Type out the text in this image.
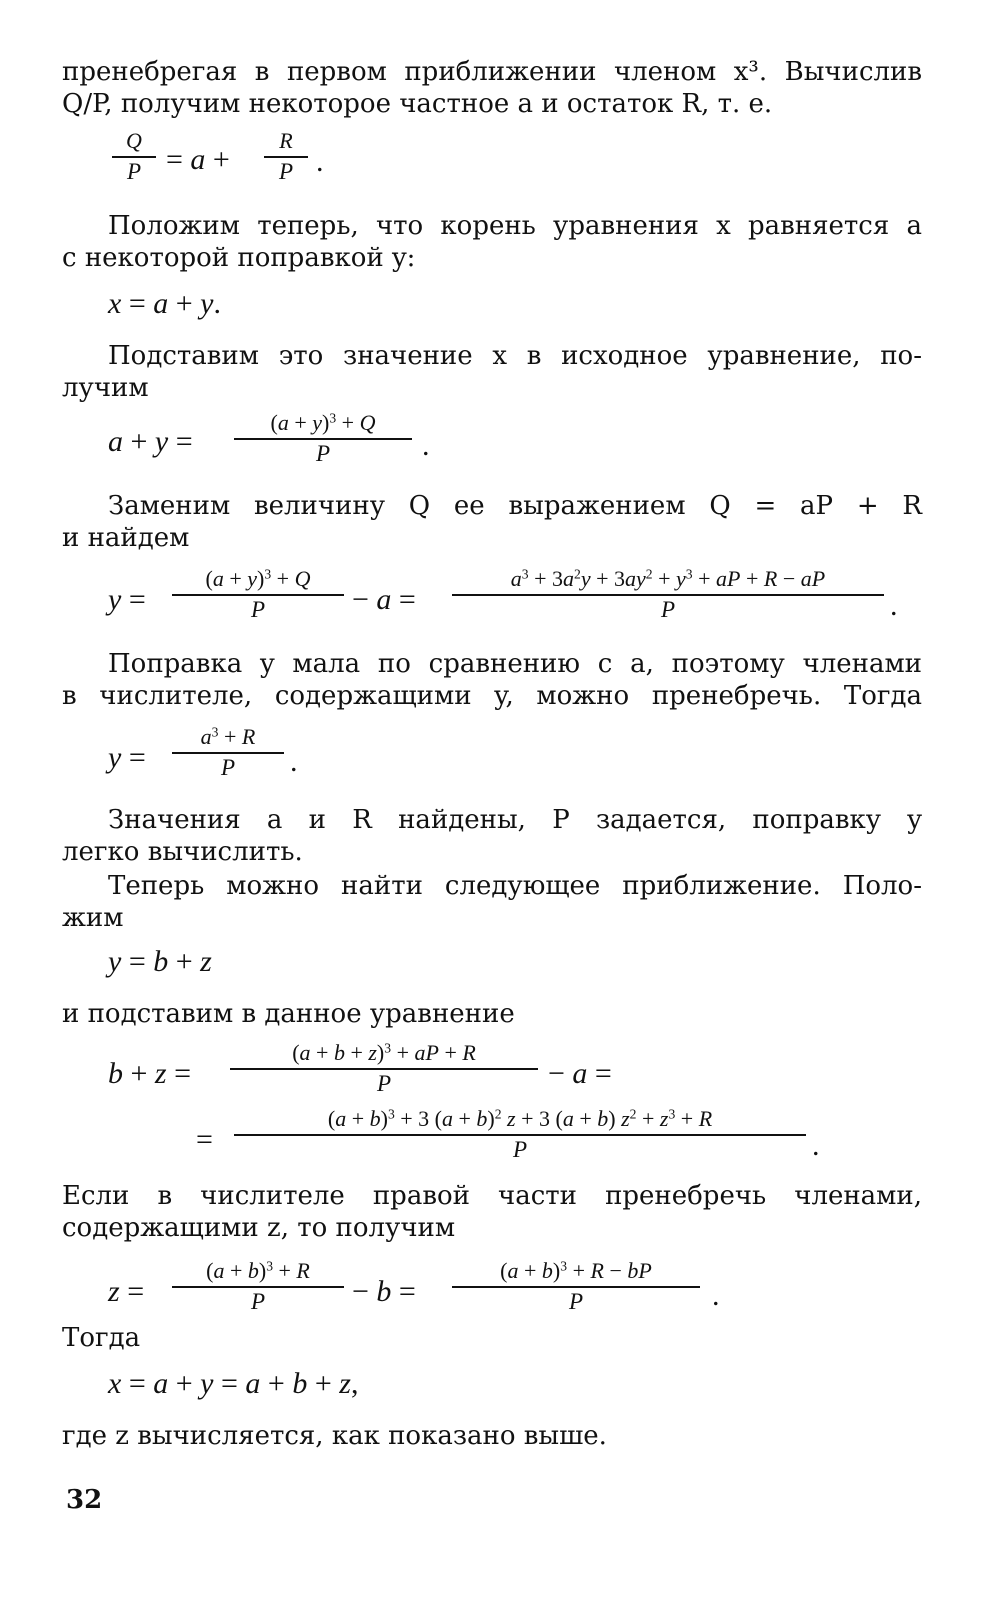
пренебрегая в первом приближении членом x³. Вычислив
Q/P, получим некоторое частное a и остаток R, т. е.
Q
P = a +
R
P .
Положим теперь, что корень уравнения x равняется a
с некоторой поправкой y:
x = a + y.
Подставим это значение x в исходное уравнение, по-
лучим
a + y =
$(a + y)^3 + Q$
P	.
Заменим величину Q ее выражением Q = aP + R
и найдем
y =
$(a + y)^3 + Q$
P	− a =
$a^3 + 3a^2y + 3ay^2 + y^3$ + aP + R − aP
P	.
Поправка y мала по сравнению с a, поэтому членами
в числителе, содержащими y, можно пренебречь. Тогда
y =
$a^3 + R$
P	.
Значения a и R найдены, P задается, поправку y
легко вычислить.
Теперь можно найти следующее приближение. Поло-
жим
y = b + z
и подставим в данное уравнение
b + z =
$(a + b + z)^3$ + aP + R
P	− a =
=
$(a + b)^3 + 3$ $(a + b)^2$ z + 3 (a + b) $z^2 + z^3 + R$
P	.
Если в числителе правой части пренебречь членами,
содержащими z, то получим
z =
$(a + b)^3 + R$
P	− b =
$(a + b)^3 + R$ − bP
P	.
Тогда
x = a + y = a + b + z,
где z вычисляется, как показано выше.
32
